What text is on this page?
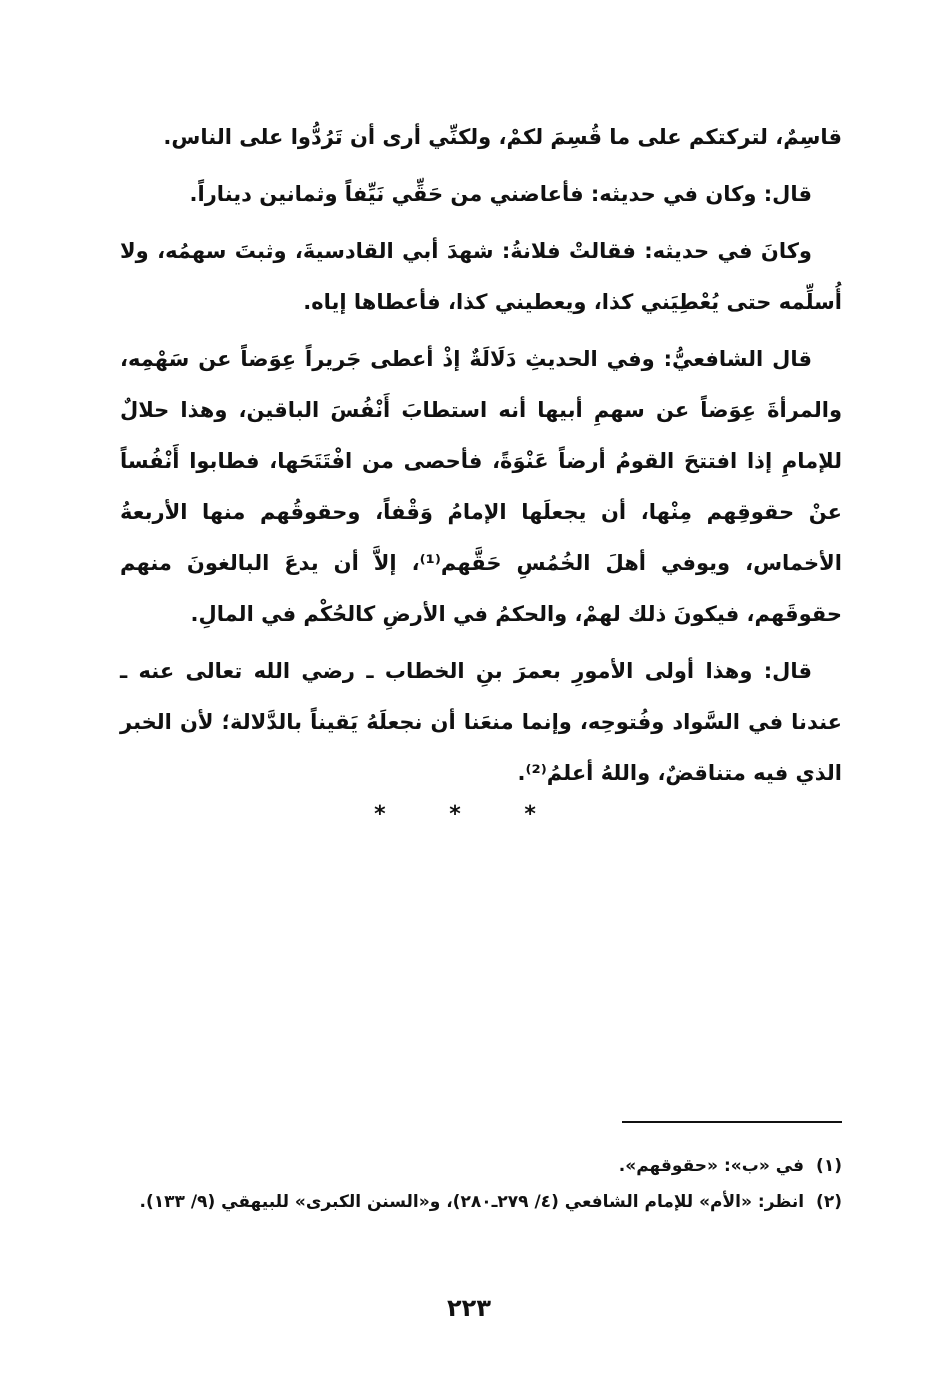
قاسِمٌ، لتركتكم على ما قُسِمَ لكمْ، ولكنِّي أرى أن تَرُدُّوا على الناس.

قال: وكان في حديثه: فأعاضني من حَقِّي نَيِّفاً وثمانين ديناراً.

وكانَ في حديثه: فقالتْ فلانةُ: شهدَ أبي القادسيةَ، وثبتَ سهمُه، ولا أُسلِّمه حتى يُعْطِيَني كذا، ويعطيني كذا، فأعطاها إياه.

قال الشافعيُّ: وفي الحديثِ دَلَالَةٌ إذْ أعطى جَريراً عِوَضاً عن سَهْمِه، والمرأةَ عِوَضاً عن سهمِ أبيها أنه استطابَ أَنْفُسَ الباقين، وهذا حلالٌ للإمامِ إذا افتتحَ القومُ أرضاً عَنْوَةً، فأحصى من افْتَتَحَها، فطابوا أَنْفُساً عنْ حقوقِهم مِنْها، أن يجعلَها الإمامُ وَقْفاً، وحقوقُهم منها الأربعةُ الأخماس، ويوفي أهلَ الخُمُسِ حَقَّهم⁽¹⁾، إلاَّ أن يدعَ البالغونَ منهم حقوقَهم، فيكونَ ذلك لهمْ، والحكمُ في الأرضِ كالحُكْم في المالِ.

قال: وهذا أولى الأمورِ بعمرَ بنِ الخطاب ـ رضي الله تعالى عنه ـ عندنا في السَّواد وفُتوحِه، وإنما منعَنا أن نجعلَهُ يَقيناً بالدَّلالة؛ لأن الخبر الذي فيه متناقضٌ، واللهُ أعلمُ⁽²⁾.

* * *

(١)في «ب»: «حقوقهم».

(٢)انظر: «الأم» للإمام الشافعي (٤/ ٢٧٩ـ٢٨٠)، و«السنن الكبرى» للبيهقي (٩/ ١٣٣).

٢٢٣
